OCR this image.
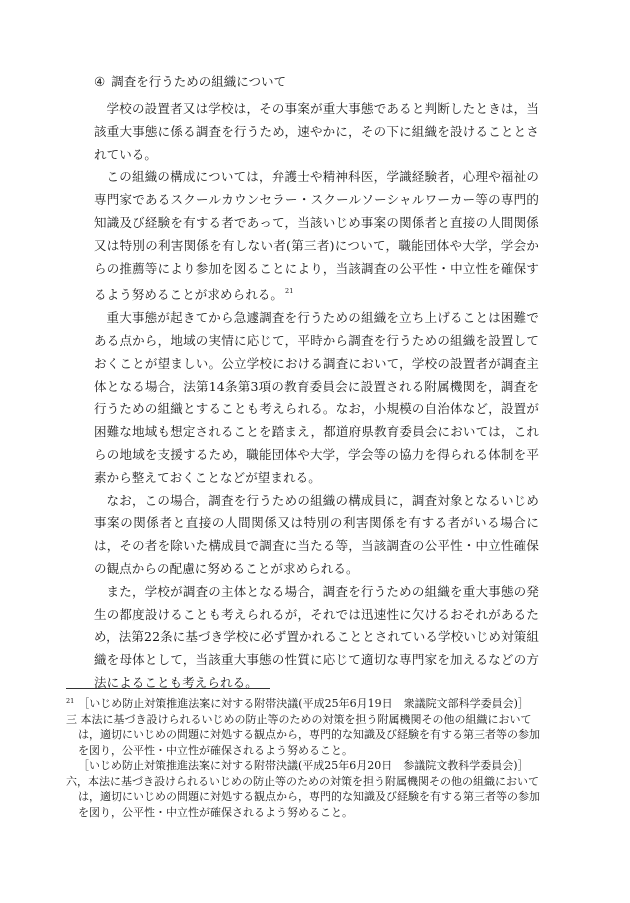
④ 調査を行うための組織について

学校の設置者又は学校は，その事案が重大事態であると判断したときは，当該重大事態に係る調査を行うため，速やかに，その下に組織を設けることとされている。

この組織の構成については，弁護士や精神科医，学識経験者，心理や福祉の専門家であるスクールカウンセラー・スクールソーシャルワーカー等の専門的知識及び経験を有する者であって，当該いじめ事案の関係者と直接の人間関係又は特別の利害関係を有しない者(第三者)について，職能団体や大学，学会からの推薦等により参加を図ることにより，当該調査の公平性・中立性を確保するよう努めることが求められる。 $^{21}$

重大事態が起きてから急遽調査を行うための組織を立ち上げることは困難である点から，地域の実情に応じて，平時から調査を行うための組織を設置しておくことが望ましい。公立学校における調査において，学校の設置者が調査主体となる場合，法第14条第3項の教育委員会に設置される附属機関を，調査を行うための組織とすることも考えられる。なお，小規模の自治体など，設置が困難な地域も想定されることを踏まえ，都道府県教育委員会においては，これらの地域を支援するため，職能団体や大学，学会等の協力を得られる体制を平素から整えておくことなどが望まれる。

なお，この場合，調査を行うための組織の構成員に，調査対象となるいじめ事案の関係者と直接の人間関係又は特別の利害関係を有する者がいる場合には，その者を除いた構成員で調査に当たる等，当該調査の公平性・中立性確保の観点からの配慮に努めることが求められる。

また，学校が調査の主体となる場合，調査を行うための組織を重大事態の発生の都度設けることも考えられるが，それでは迅速性に欠けるおそれがあるため，法第22条に基づき学校に必ず置かれることとされている学校いじめ対策組織を母体として，当該重大事態の性質に応じて適切な専門家を加えるなどの方法によることも考えられる。

$^{21}$ ［いじめ防止対策推進法案に対する附帯決議(平成25年6月19日　衆議院文部科学委員会)］
三 本法に基づき設けられるいじめの防止等のための対策を担う附属機関その他の組織において は，適切にいじめの問題に対処する観点から，専門的な知識及び経験を有する第三者等の参加を図り，公平性・中立性が確保されるよう努めること。
［いじめ防止対策推進法案に対する附帯決議(平成25年6月20日　参議院文教科学委員会)］
六，本法に基づき設けられるいじめの防止等のための対策を担う附属機関その他の組織において は，適切にいじめの問題に対処する観点から，専門的な知識及び経験を有する第三者等の参加を図り，公平性・中立性が確保されるよう努めること。
